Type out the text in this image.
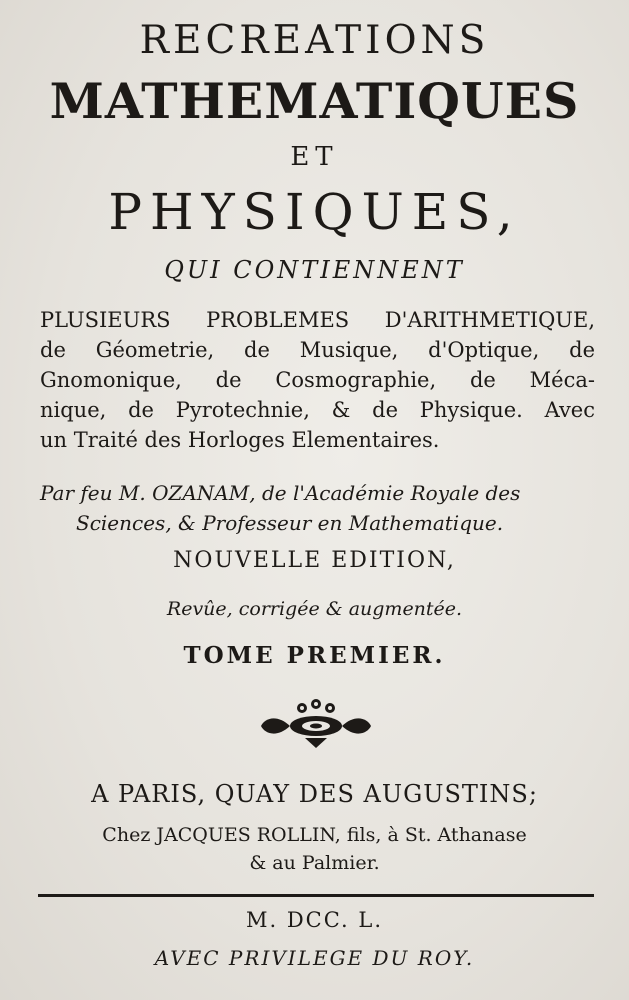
RECREATIONS
MATHEMATIQUES
ET
PHYSIQUES,
QUI CONTIENNENT
PLUSIEURS PROBLEMES D'ARITHMETIQUE,
de Géometrie, de Musique, d'Optique, de
Gnomonique, de Cosmographie, de Méca-
nique, de Pyrotechnie, & de Physique. Avec
un Traité des Horloges Elementaires.
Par feu M. OZANAM, de l'Académie Royale des
Sciences, & Professeur en Mathematique.
NOUVELLE EDITION,
Revûe, corrigée & augmentée.
TOME PREMIER.
A PARIS, QUAY DES AUGUSTINS;
Chez JACQUES ROLLIN, fils, à St. Athanase
& au Palmier.
M. DCC. L.
AVEC PRIVILEGE DU ROY.
